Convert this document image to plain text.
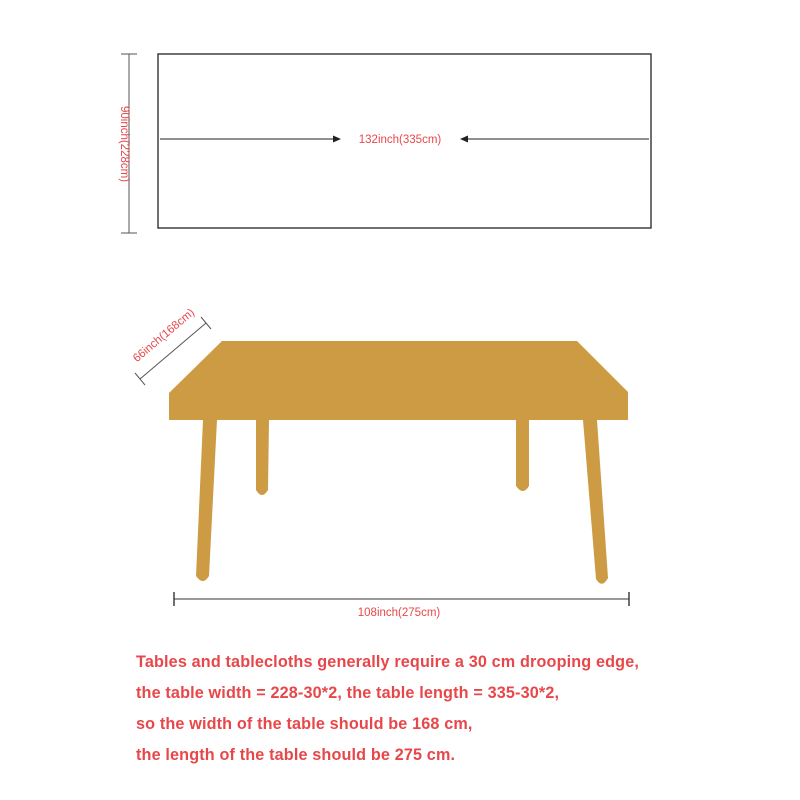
90inch(228cm)	132inch(335cm)
66inch(168cm)
108inch(275cm)
Tables and tablecloths generally require a 30 cm drooping edge,
the table width = 228-30*2, the table length = 335-30*2,
so the width of the table should be 168 cm,
the length of the table should be 275 cm.
